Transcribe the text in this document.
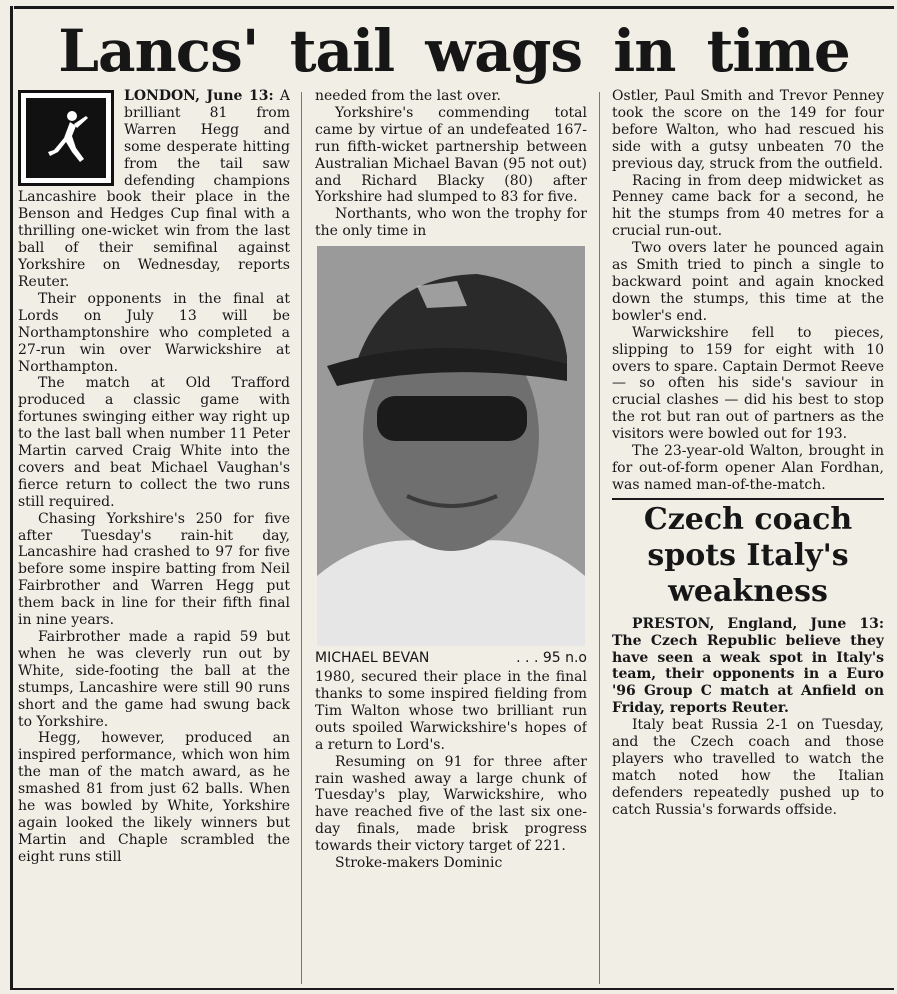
Lancs' tail wags in time

LONDON, June 13: A brilliant 81 from Warren Hegg and some desperate hitting from the tail saw defending champions Lancashire book their place in the Benson and Hedges Cup final with a thrilling one-wicket win from the last ball of their semifinal against Yorkshire on Wednesday, reports Reuter.

Their opponents in the final at Lords on July 13 will be Northamptonshire who completed a 27-run win over Warwickshire at Northampton.

The match at Old Trafford produced a classic game with fortunes swinging either way right up to the last ball when number 11 Peter Martin carved Craig White into the covers and beat Michael Vaughan's fierce return to collect the two runs still required.

Chasing Yorkshire's 250 for five after Tuesday's rain-hit day, Lancashire had crashed to 97 for five before some inspire batting from Neil Fairbrother and Warren Hegg put them back in line for their fifth final in nine years.

Fairbrother made a rapid 59 but when he was cleverly run out by White, side-footing the ball at the stumps, Lancashire were still 90 runs short and the game had swung back to Yorkshire.

Hegg, however, produced an inspired performance, which won him the man of the match award, as he smashed 81 from just 62 balls. When he was bowled by White, Yorkshire again looked the likely winners but Martin and Chaple scrambled the eight runs still

needed from the last over.

Yorkshire's commending total came by virtue of an undefeated 167-run fifth-wicket partnership between Australian Michael Bavan (95 not out) and Richard Blacky (80) after Yorkshire had slumped to 83 for five.

Northants, who won the trophy for the only time in

MICHAEL BEVAN	. . . 95 n.o

1980, secured their place in the final thanks to some inspired fielding from Tim Walton whose two brilliant run outs spoiled Warwickshire's hopes of a return to Lord's.

Resuming on 91 for three after rain washed away a large chunk of Tuesday's play, Warwickshire, who have reached five of the last six one-day finals, made brisk progress towards their victory target of 221.

Stroke-makers Dominic

Ostler, Paul Smith and Trevor Penney took the score on the 149 for four before Walton, who had rescued his side with a gutsy unbeaten 70 the previous day, struck from the outfield.

Racing in from deep midwicket as Penney came back for a second, he hit the stumps from 40 metres for a crucial run-out.

Two overs later he pounced again as Smith tried to pinch a single to backward point and again knocked down the stumps, this time at the bowler's end.

Warwickshire fell to pieces, slipping to 159 for eight with 10 overs to spare. Captain Dermot Reeve — so often his side's saviour in crucial clashes — did his best to stop the rot but ran out of partners as the visitors were bowled out for 193.

The 23-year-old Walton, brought in for out-of-form opener Alan Fordhan, was named man-of-the-match.

Czech coach spots Italy's weakness

PRESTON, England, June 13: The Czech Republic believe they have seen a weak spot in Italy's team, their opponents in a Euro '96 Group C match at Anfield on Friday, reports Reuter.

Italy beat Russia 2-1 on Tuesday, and the Czech coach and those players who travelled to watch the match noted how the Italian defenders repeatedly pushed up to catch Russia's forwards offside.
